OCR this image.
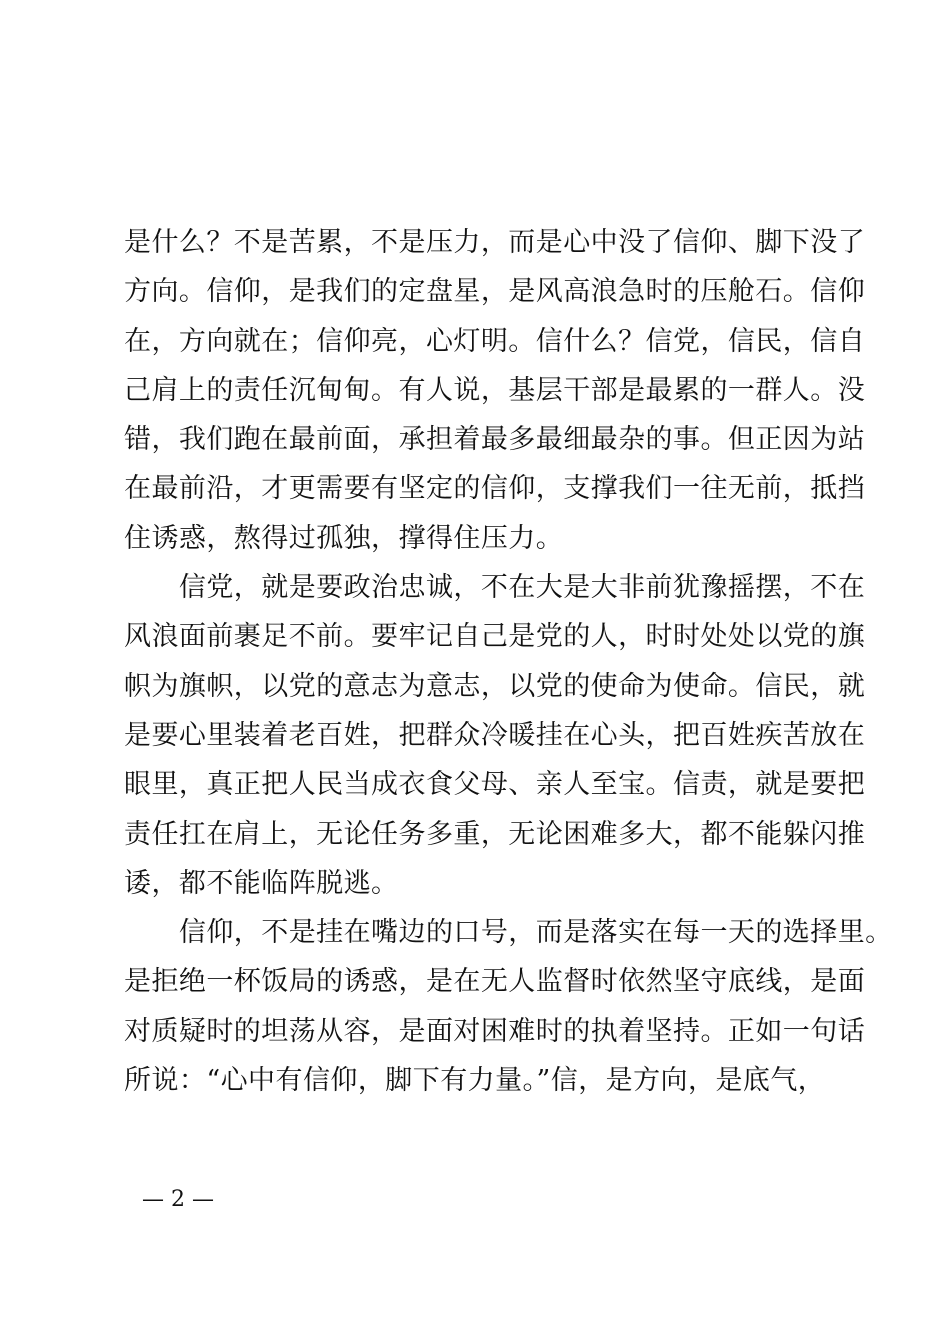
是什么？不是苦累，不是压力，而是心中没了信仰、脚下没了
方向。信仰，是我们的定盘星，是风高浪急时的压舱石。信仰
在，方向就在；信仰亮，心灯明。信什么？信党，信民，信自
己肩上的责任沉甸甸。有人说，基层干部是最累的一群人。没
错，我们跑在最前面，承担着最多最细最杂的事。但正因为站
在最前沿，才更需要有坚定的信仰，支撑我们一往无前，抵挡
住诱惑，熬得过孤独，撑得住压力。
　　信党，就是要政治忠诚，不在大是大非前犹豫摇摆，不在
风浪面前裹足不前。要牢记自己是党的人，时时处处以党的旗
帜为旗帜，以党的意志为意志，以党的使命为使命。信民，就
是要心里装着老百姓，把群众冷暖挂在心头，把百姓疾苦放在
眼里，真正把人民当成衣食父母、亲人至宝。信责，就是要把
责任扛在肩上，无论任务多重，无论困难多大，都不能躲闪推
诿，都不能临阵脱逃。
　　信仰，不是挂在嘴边的口号，而是落实在每一天的选择里。
是拒绝一杯饭局的诱惑，是在无人监督时依然坚守底线，是面
对质疑时的坦荡从容，是面对困难时的执着坚持。正如一句话
所说：“心中有信仰，脚下有力量。”信，是方向，是底气，
— 2 —
